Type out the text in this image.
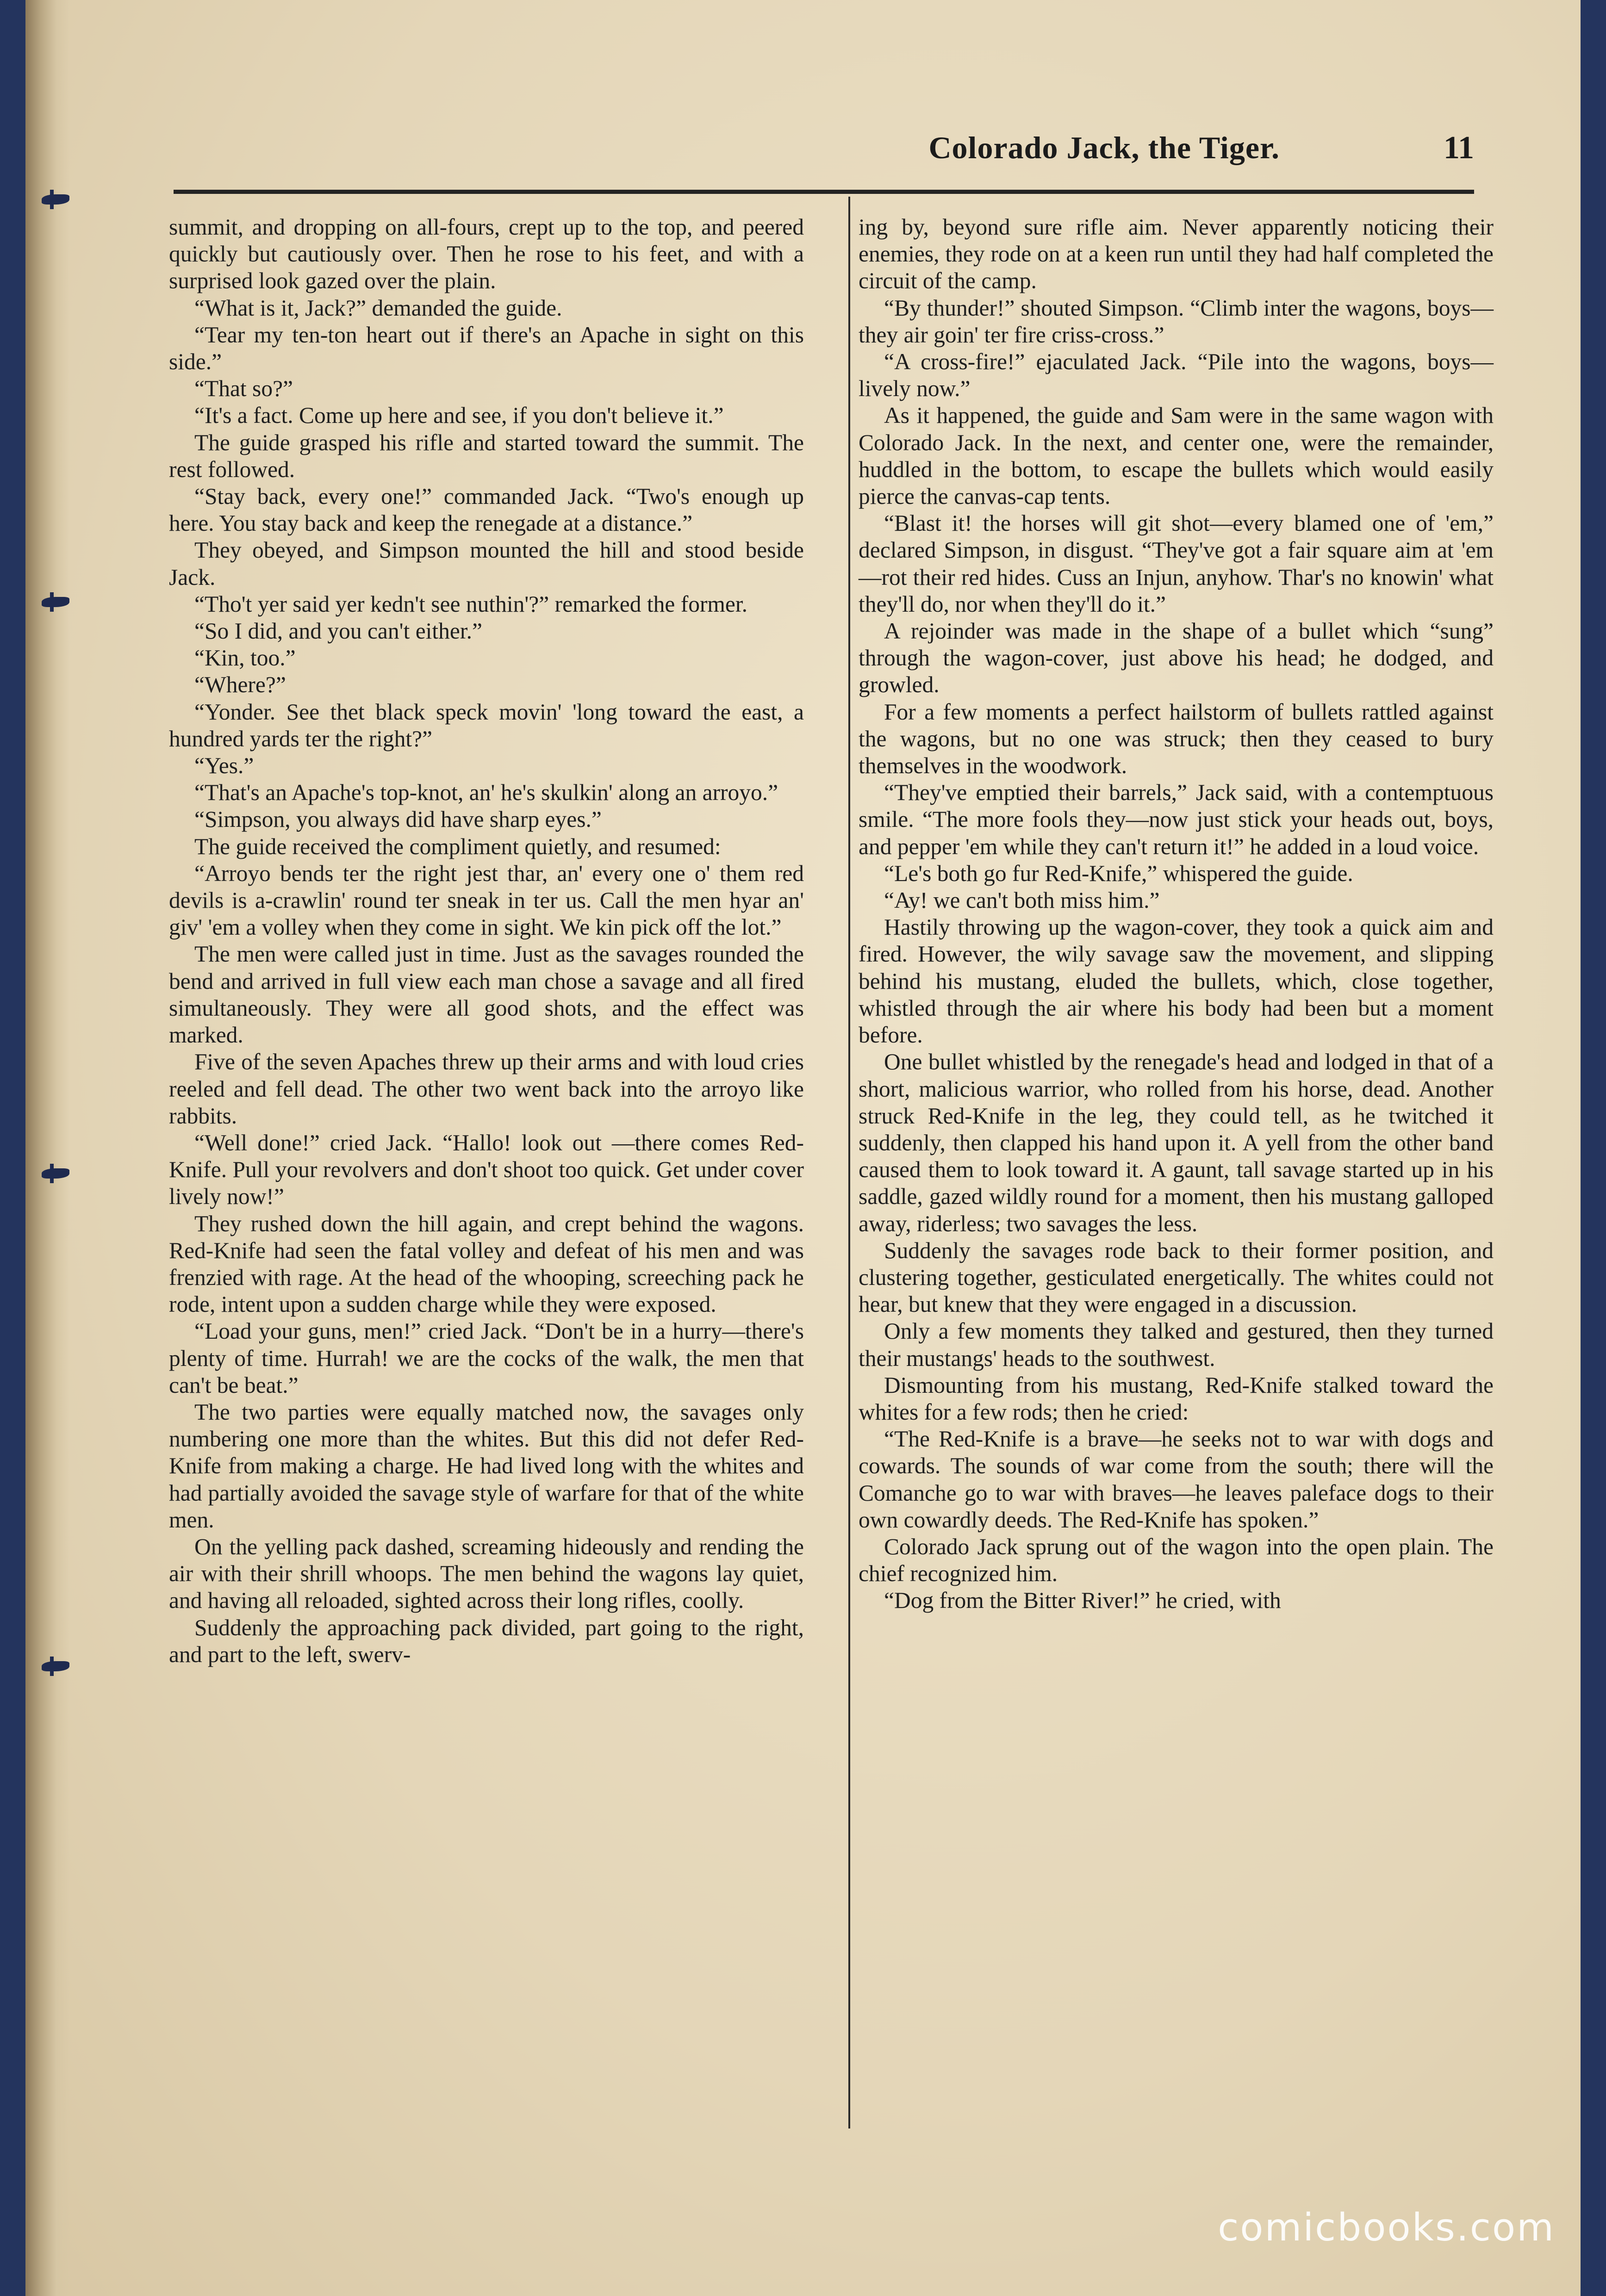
Colorado Jack, the Tiger.	11

summit, and dropping on all-fours, crept up to the top, and peered quickly but cautiously over. Then he rose to his feet, and with a surprised look gazed over the plain.

“What is it, Jack?” demanded the guide.

“Tear my ten-ton heart out if there's an Apache in sight on this side.”

“That so?”

“It's a fact. Come up here and see, if you don't believe it.”

The guide grasped his rifle and started toward the summit. The rest followed.

“Stay back, every one!” commanded Jack. “Two's enough up here. You stay back and keep the renegade at a distance.”

They obeyed, and Simpson mounted the hill and stood beside Jack.

“Tho't yer said yer kedn't see nuthin'?” remarked the former.

“So I did, and you can't either.”

“Kin, too.”

“Where?”

“Yonder. See thet black speck movin' 'long toward the east, a hundred yards ter the right?”

“Yes.”

“That's an Apache's top-knot, an' he's skulkin' along an arroyo.”

“Simpson, you always did have sharp eyes.”

The guide received the compliment quietly, and resumed:

“Arroyo bends ter the right jest thar, an' every one o' them red devils is a-crawlin' round ter sneak in ter us. Call the men hyar an' giv' 'em a volley when they come in sight. We kin pick off the lot.”

The men were called just in time. Just as the savages rounded the bend and arrived in full view each man chose a savage and all fired simultaneously. They were all good shots, and the effect was marked.

Five of the seven Apaches threw up their arms and with loud cries reeled and fell dead. The other two went back into the arroyo like rabbits.

“Well done!” cried Jack. “Hallo! look out —there comes Red-Knife. Pull your revolvers and don't shoot too quick. Get under cover lively now!”

They rushed down the hill again, and crept behind the wagons. Red-Knife had seen the fatal volley and defeat of his men and was frenzied with rage. At the head of the whooping, screeching pack he rode, intent upon a sudden charge while they were exposed.

“Load your guns, men!” cried Jack. “Don't be in a hurry—there's plenty of time. Hurrah! we are the cocks of the walk, the men that can't be beat.”

The two parties were equally matched now, the savages only numbering one more than the whites. But this did not defer Red-Knife from making a charge. He had lived long with the whites and had partially avoided the savage style of warfare for that of the white men.

On the yelling pack dashed, screaming hideously and rending the air with their shrill whoops. The men behind the wagons lay quiet, and having all reloaded, sighted across their long rifles, coolly.

Suddenly the approaching pack divided, part going to the right, and part to the left, swerv-

ing by, beyond sure rifle aim. Never apparently noticing their enemies, they rode on at a keen run until they had half completed the circuit of the camp.

“By thunder!” shouted Simpson. “Climb inter the wagons, boys—they air goin' ter fire criss-cross.”

“A cross-fire!” ejaculated Jack. “Pile into the wagons, boys—lively now.”

As it happened, the guide and Sam were in the same wagon with Colorado Jack. In the next, and center one, were the remainder, huddled in the bottom, to escape the bullets which would easily pierce the canvas-cap tents.

“Blast it! the horses will git shot—every blamed one of 'em,” declared Simpson, in disgust. “They've got a fair square aim at 'em —rot their red hides. Cuss an Injun, anyhow. Thar's no knowin' what they'll do, nor when they'll do it.”

A rejoinder was made in the shape of a bullet which “sung” through the wagon-cover, just above his head; he dodged, and growled.

For a few moments a perfect hailstorm of bullets rattled against the wagons, but no one was struck; then they ceased to bury themselves in the woodwork.

“They've emptied their barrels,” Jack said, with a contemptuous smile. “The more fools they—now just stick your heads out, boys, and pepper 'em while they can't return it!” he added in a loud voice.

“Le's both go fur Red-Knife,” whispered the guide.

“Ay! we can't both miss him.”

Hastily throwing up the wagon-cover, they took a quick aim and fired. However, the wily savage saw the movement, and slipping behind his mustang, eluded the bullets, which, close together, whistled through the air where his body had been but a moment before.

One bullet whistled by the renegade's head and lodged in that of a short, malicious warrior, who rolled from his horse, dead. Another struck Red-Knife in the leg, they could tell, as he twitched it suddenly, then clapped his hand upon it. A yell from the other band caused them to look toward it. A gaunt, tall savage started up in his saddle, gazed wildly round for a moment, then his mustang galloped away, riderless; two savages the less.

Suddenly the savages rode back to their former position, and clustering together, gesticulated energetically. The whites could not hear, but knew that they were engaged in a discussion.

Only a few moments they talked and gestured, then they turned their mustangs' heads to the southwest.

Dismounting from his mustang, Red-Knife stalked toward the whites for a few rods; then he cried:

“The Red-Knife is a brave—he seeks not to war with dogs and cowards. The sounds of war come from the south; there will the Comanche go to war with braves—he leaves paleface dogs to their own cowardly deeds. The Red-Knife has spoken.”

Colorado Jack sprung out of the wagon into the open plain. The chief recognized him.

“Dog from the Bitter River!” he cried, with

comicbooks.com
